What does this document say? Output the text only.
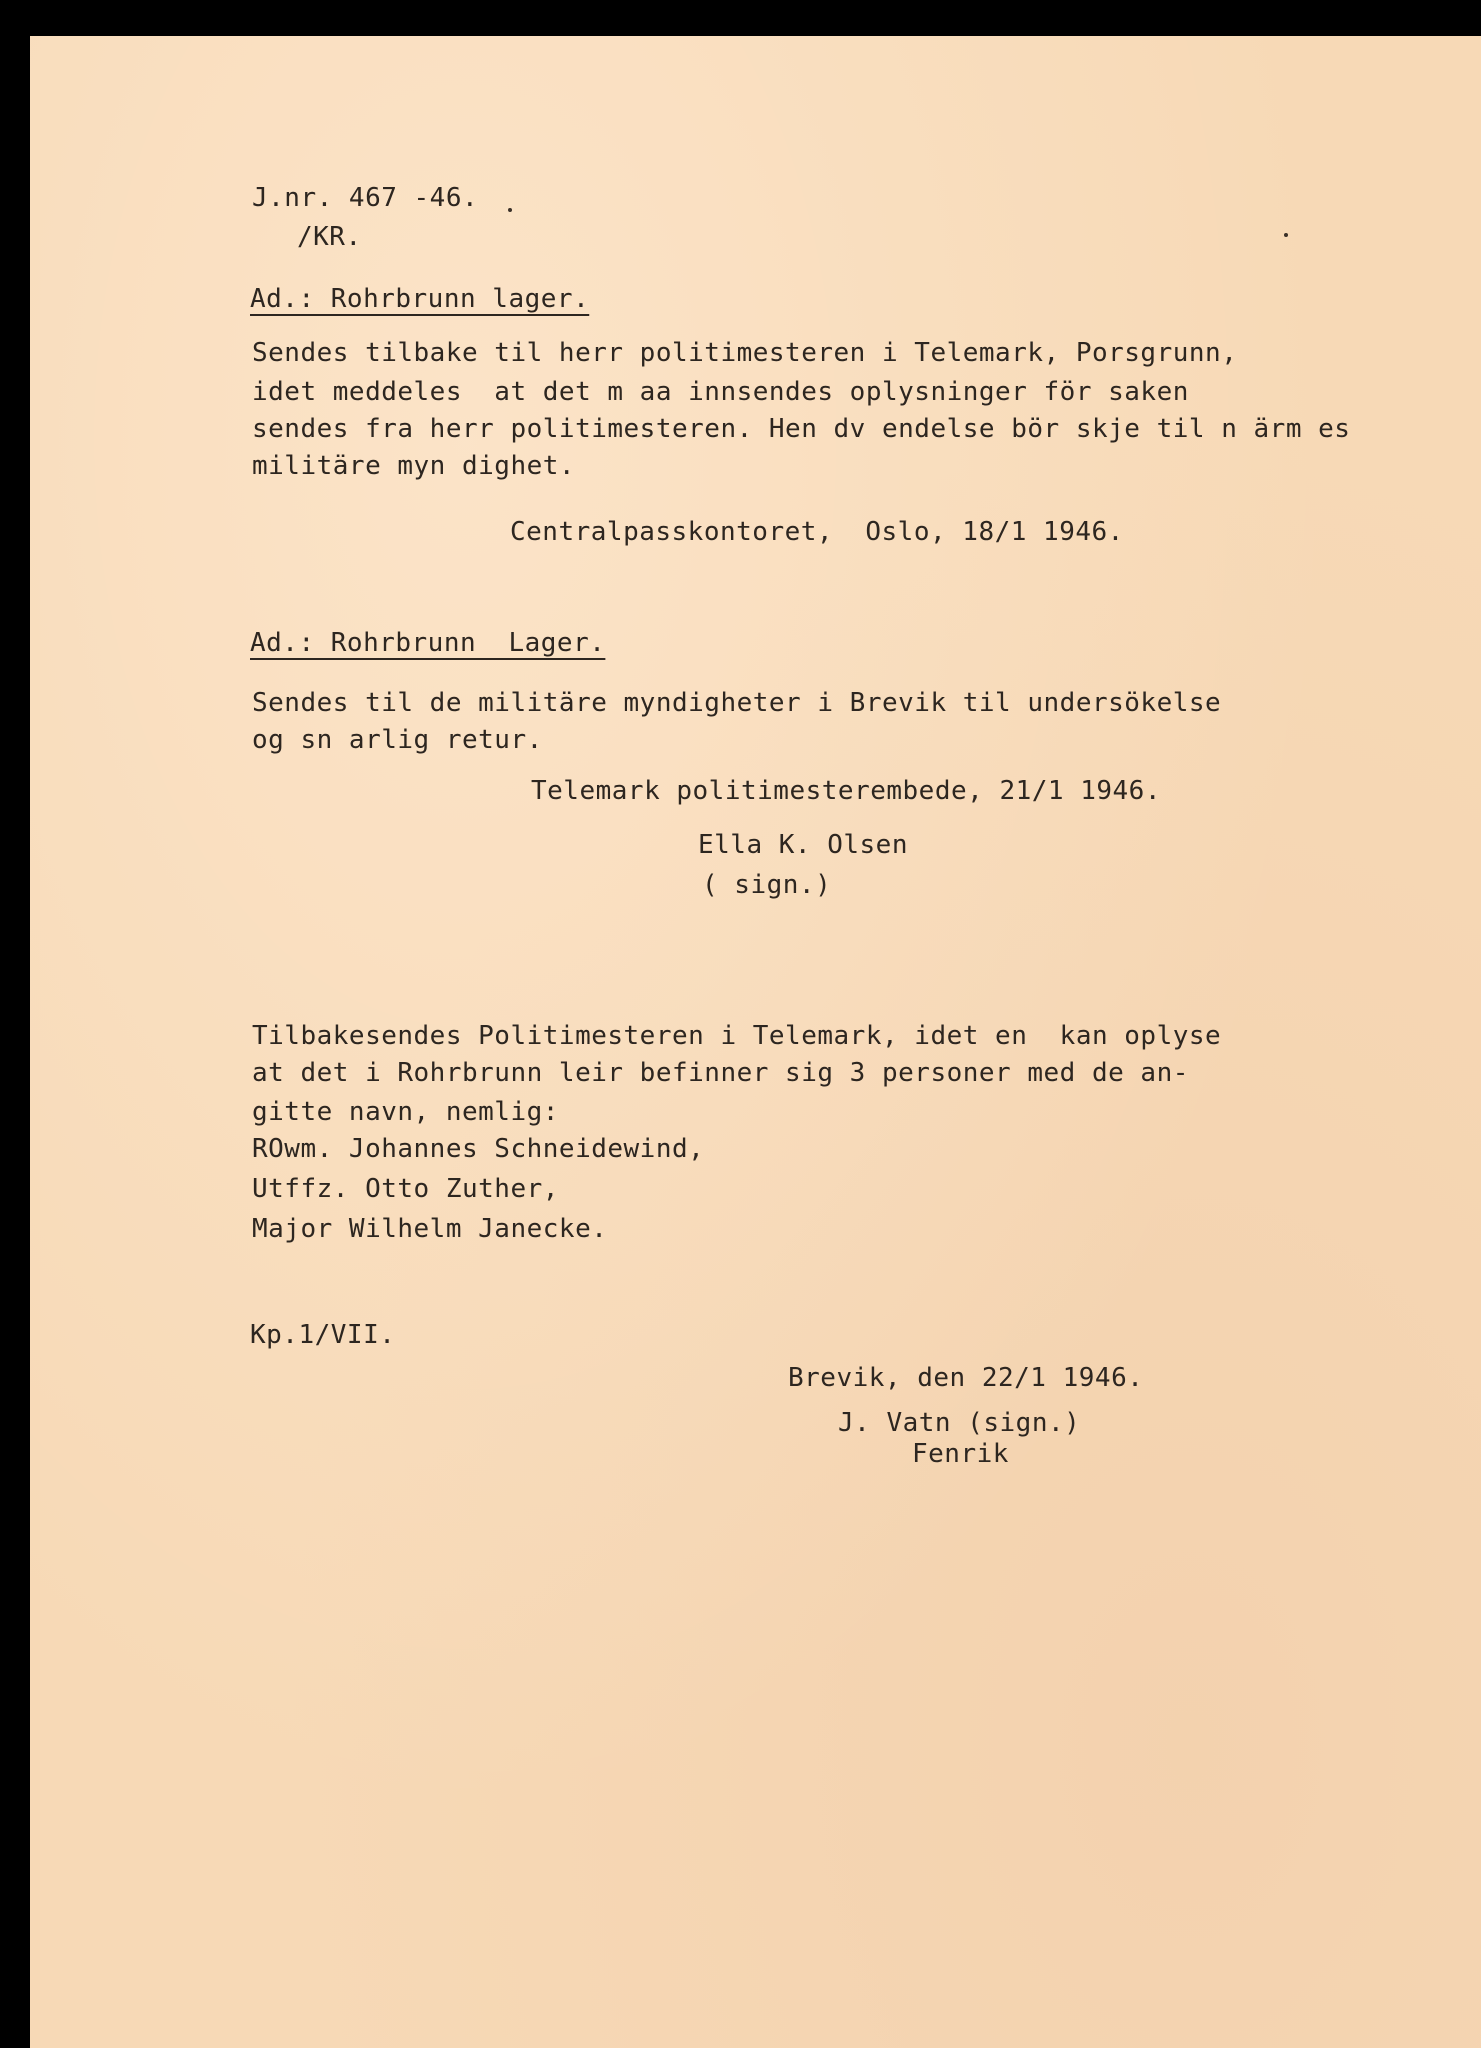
J.nr. 467 -46.
/KR.
Ad.: Rohrbrunn lager.
Sendes tilbake til herr politimesteren i Telemark, Porsgrunn,
idet meddeles  at det m aa innsendes oplysninger för saken
sendes fra herr politimesteren. Hen dv endelse bör skje til n ärm es
militäre myn dighet.
Centralpasskontoret,  Oslo, 18/1 1946.
Ad.: Rohrbrunn  Lager.
Sendes til de militäre myndigheter i Brevik til undersökelse
og sn arlig retur.
Telemark politimesterembede, 21/1 1946.
Ella K. Olsen
( sign.)
Tilbakesendes Politimesteren i Telemark, idet en  kan oplyse
at det i Rohrbrunn leir befinner sig 3 personer med de an-
gitte navn, nemlig:
ROwm. Johannes Schneidewind,
Utffz. Otto Zuther,
Major Wilhelm Janecke.
Kp.1/VII.
Brevik, den 22/1 1946.
J. Vatn (sign.)
Fenrik
